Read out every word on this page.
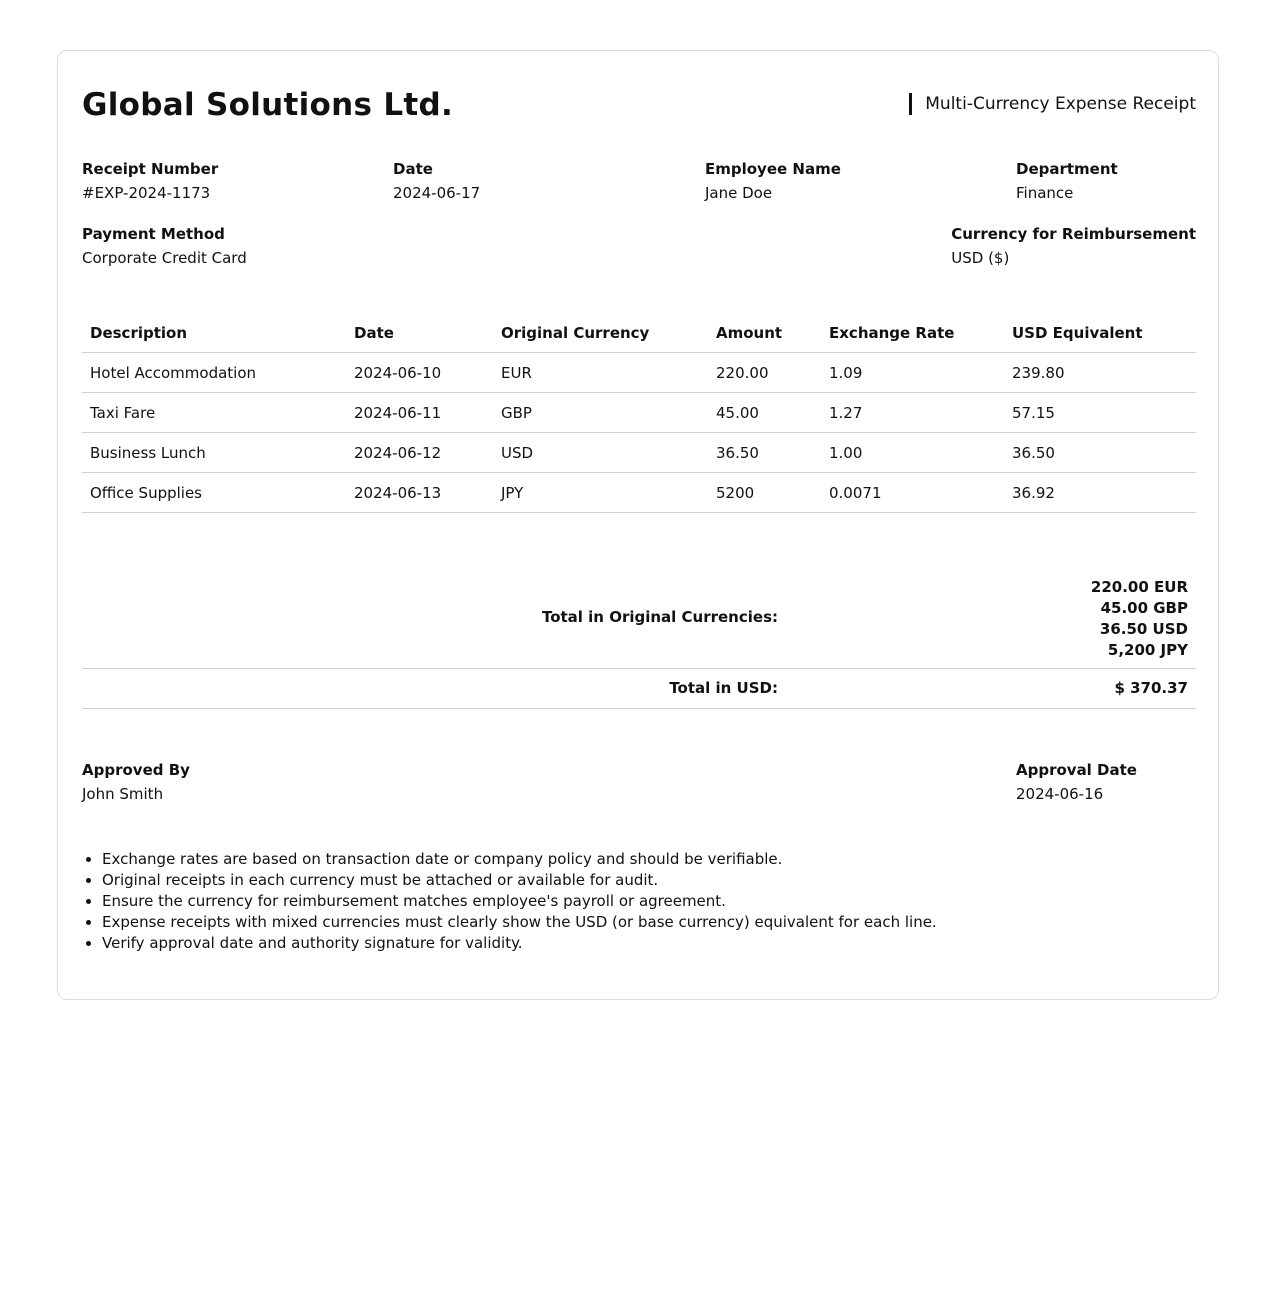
Global Solutions Ltd.	Multi-Currency Expense Receipt
Receipt Number
#EXP-2024-1173
Date
2024-06-17
Employee Name
Jane Doe
Department
Finance
Payment Method
Corporate Credit Card
Currency for Reimbursement
USD ($)
Description	Date	Original Currency	Amount	Exchange Rate	USD Equivalent
Hotel Accommodation	2024-06-10	EUR	220.00	1.09	239.80
Taxi Fare	2024-06-11	GBP	45.00	1.27	57.15
Business Lunch	2024-06-12	USD	36.50	1.00	36.50
Office Supplies	2024-06-13	JPY	5200	0.0071	36.92
Total in Original Currencies:
220.00 EUR
45.00 GBP
36.50 USD
5,200 JPY
Total in USD:	$ 370.37
Approved By
John Smith
Approval Date
2024-06-16
• Exchange rates are based on transaction date or company policy and should be verifiable.
• Original receipts in each currency must be attached or available for audit.
• Ensure the currency for reimbursement matches employee's payroll or agreement.
• Expense receipts with mixed currencies must clearly show the USD (or base currency) equivalent for each line.
• Verify approval date and authority signature for validity.
